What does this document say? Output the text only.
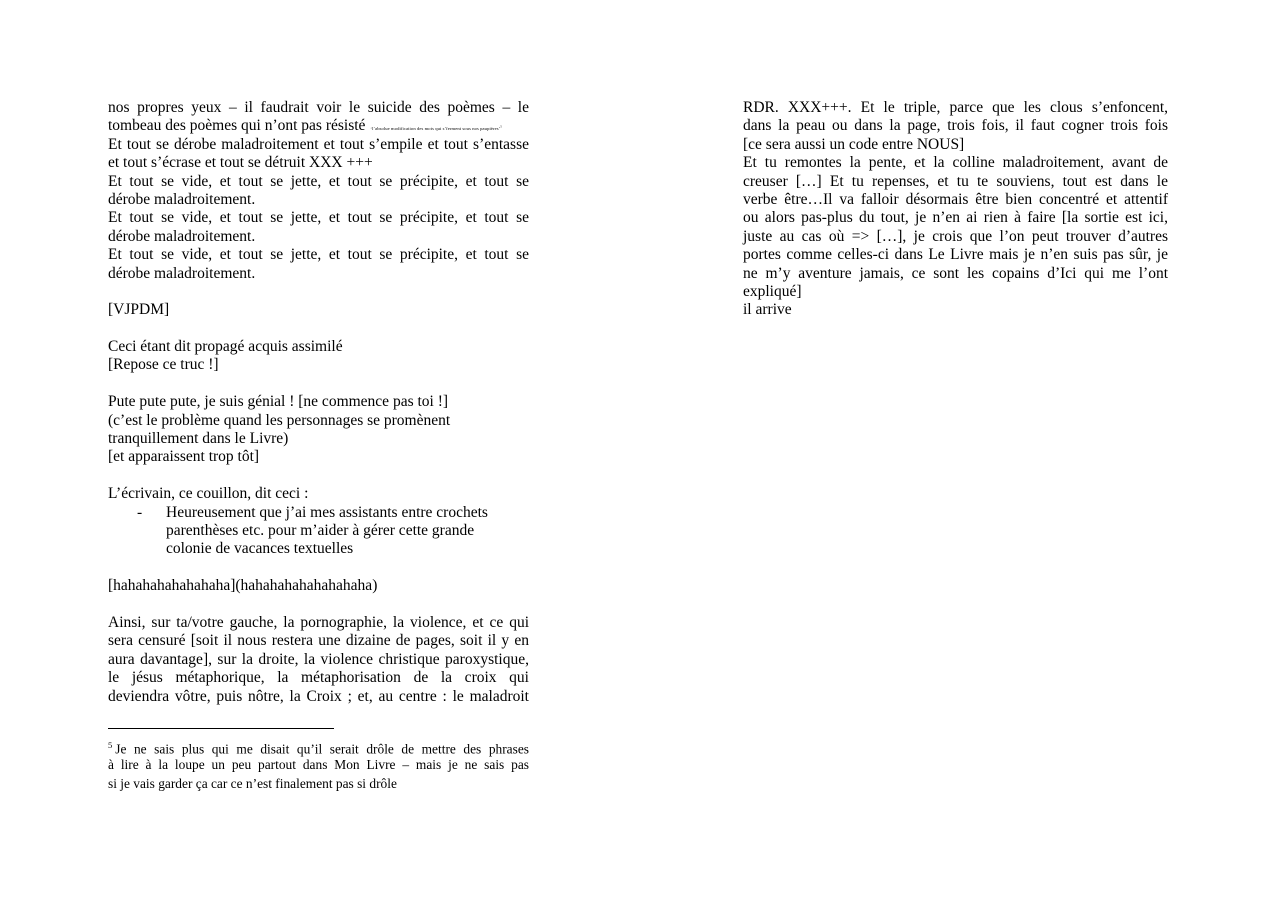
nos propres yeux – il faudrait voir le suicide des poèmes – le
tombeau des poèmes qui n’ont pas résisté ‘l’absolue modification des mots qui s’ferment sous nos paupières’$^5$
Et tout se dérobe maladroitement et tout s’empile et tout s’entasse
et tout s’écrase et tout se détruit XXX +++
Et tout se vide, et tout se jette, et tout se précipite, et tout se
dérobe maladroitement.
Et tout se vide, et tout se jette, et tout se précipite, et tout se
dérobe maladroitement.
Et tout se vide, et tout se jette, et tout se précipite, et tout se
dérobe maladroitement.

[VJPDM]

Ceci étant dit propagé acquis assimilé
[Repose ce truc !]

Pute pute pute, je suis génial ! [ne commence pas toi !]
(c’est le problème quand les personnages se promènent
tranquillement dans le Livre)
[et apparaissent trop tôt]

L’écrivain, ce couillon, dit ceci :
- Heureusement que j’ai mes assistants entre crochets
parenthèses etc. pour m’aider à gérer cette grande
colonie de vacances textuelles

[hahahahahahahaha](hahahahahahahahaha)

Ainsi, sur ta/votre gauche, la pornographie, la violence, et ce qui
sera censuré [soit il nous restera une dizaine de pages, soit il y en
aura davantage], sur la droite, la violence christique paroxystique,
le jésus métaphorique, la métaphorisation de la croix qui
deviendra vôtre, puis nôtre, la Croix ; et, au centre : le maladroit
RDR. XXX+++. Et le triple, parce que les clous s’enfoncent,
dans la peau ou dans la page, trois fois, il faut cogner trois fois
[ce sera aussi un code entre NOUS]
Et tu remontes la pente, et la colline maladroitement, avant de
creuser […] Et tu repenses, et tu te souviens, tout est dans le
verbe être…Il va falloir désormais être bien concentré et attentif
ou alors pas-plus du tout, je n’en ai rien à faire [la sortie est ici,
juste au cas où => […], je crois que l’on peut trouver d’autres
portes comme celles-ci dans Le Livre mais je n’en suis pas sûr, je
ne m’y aventure jamais, ce sont les copains d’Ici qui me l’ont
expliqué]
il arrive
$^5$ Je ne sais plus qui me disait qu’il serait drôle de mettre des phrases
à lire à la loupe un peu partout dans Mon Livre – mais je ne sais pas
si je vais garder ça car ce n’est finalement pas si drôle
